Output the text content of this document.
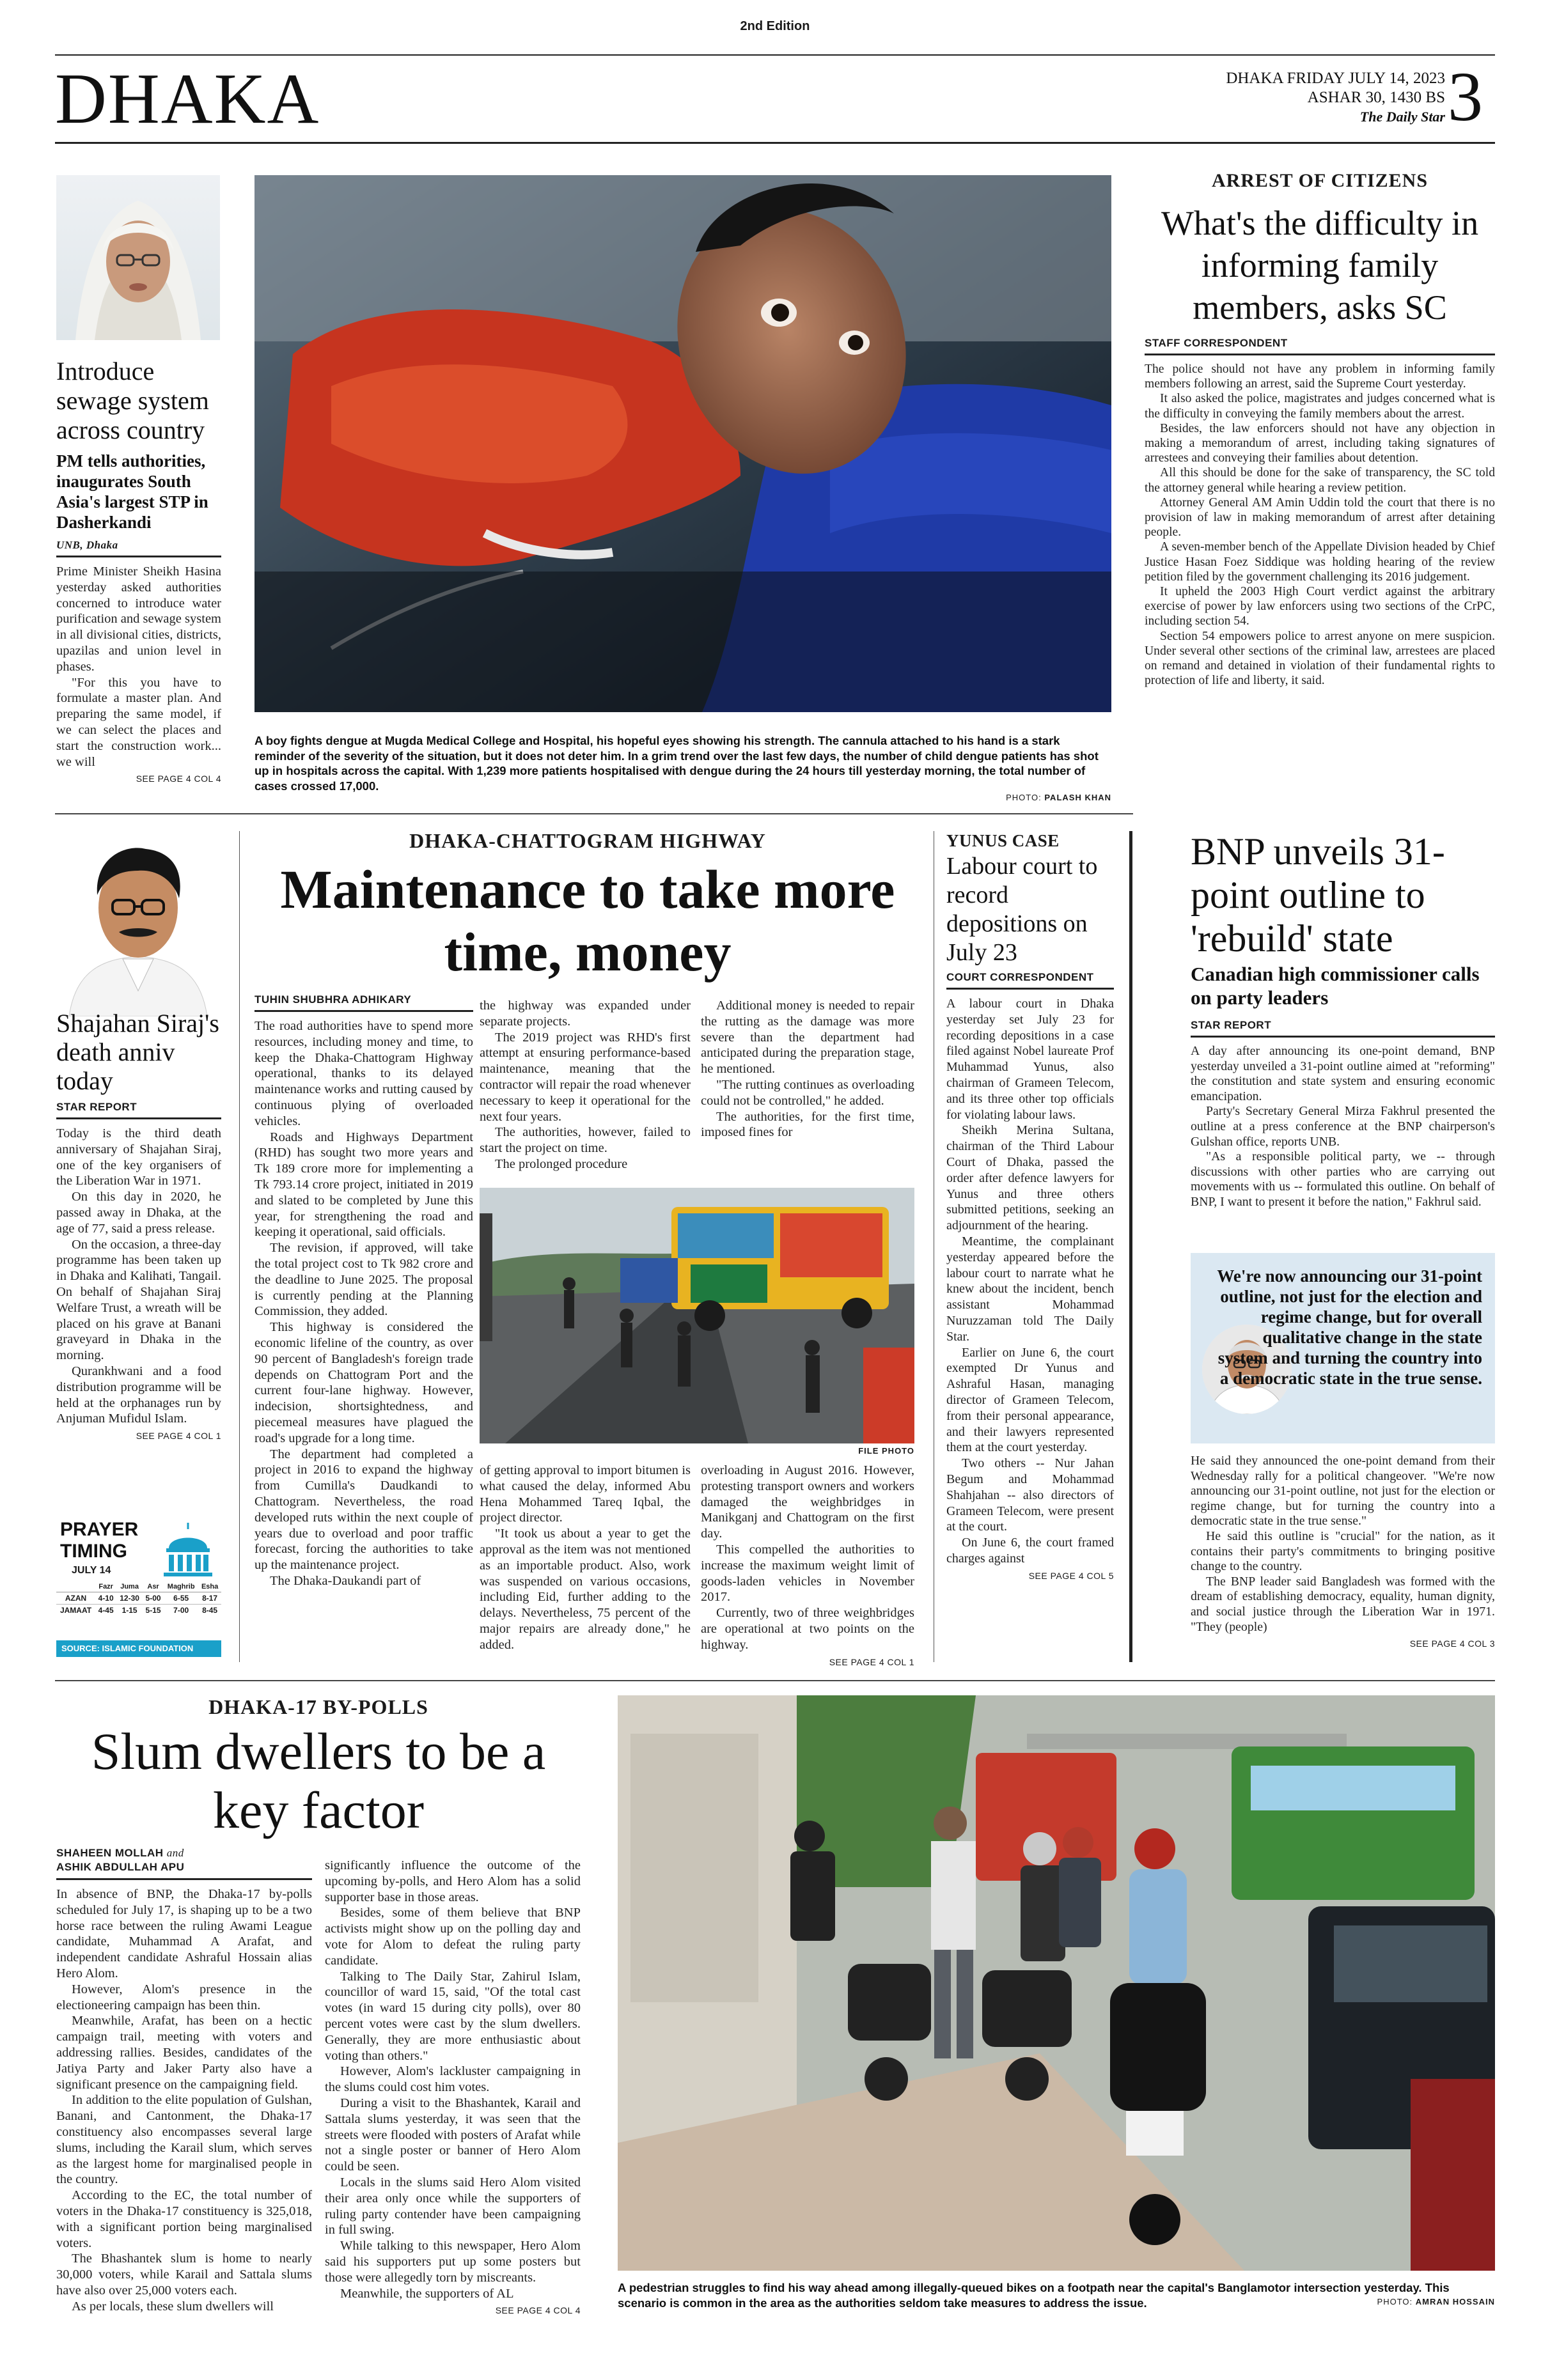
2nd Edition
DHAKA	DHAKA FRIDAY JULY 14, 2023
ASHAR 30, 1430 BS
The Daily Star 3
Introduce sewage system across country
PM tells authorities, inaugurates South Asia's largest STP in Dasherkandi
UNB, Dhaka

Prime Minister Sheikh Hasina yesterday asked authorities concerned to introduce water purification and sewage system in all divisional cities, districts, upazilas and union level in phases.

"For this you have to formulate a master plan. And preparing the same model, if we can select the places and start the construction work... we will

SEE PAGE 4 COL 4
A boy fights dengue at Mugda Medical College and Hospital, his hopeful eyes showing his strength. The cannula attached to his hand is a stark reminder of the severity of the situation, but it does not deter him. In a grim trend over the last few days, the number of child dengue patients has shot up in hospitals across the capital. With 1,239 more patients hospitalised with dengue during the 24 hours till yesterday morning, the total number of cases crossed 17,000.
PHOTO: PALASH KHAN
ARREST OF CITIZENS
What's the difficulty in informing family members, asks SC
STAFF CORRESPONDENT

The police should not have any problem in informing family members following an arrest, said the Supreme Court yesterday.

It also asked the police, magistrates and judges concerned what is the difficulty in conveying the family members about the arrest.

Besides, the law enforcers should not have any objection in making a memorandum of arrest, including taking signatures of arrestees and conveying their families about detention.

All this should be done for the sake of transparency, the SC told the attorney general while hearing a review petition.

Attorney General AM Amin Uddin told the court that there is no provision of law in making memorandum of arrest after detaining people.

A seven-member bench of the Appellate Division headed by Chief Justice Hasan Foez Siddique was holding hearing of the review petition filed by the government challenging its 2016 judgement.

It upheld the 2003 High Court verdict against the arbitrary exercise of power by law enforcers using two sections of the CrPC, including section 54.

Section 54 empowers police to arrest anyone on mere suspicion. Under several other sections of the criminal law, arrestees are placed on remand and detained in violation of their fundamental rights to protection of life and liberty, it said.

Shajahan Siraj's death anniv today
STAR REPORT

Today is the third death anniversary of Shajahan Siraj, one of the key organisers of the Liberation War in 1971.

On this day in 2020, he passed away in Dhaka, at the age of 77, said a press release.

On the occasion, a three-day programme has been taken up in Dhaka and Kalihati, Tangail. On behalf of Shajahan Siraj Welfare Trust, a wreath will be placed on his grave at Banani graveyard in Dhaka in the morning.

Qurankhwani and a food distribution programme will be held at the orphanages run by Anjuman Mufidul Islam.

SEE PAGE 4 COL 1
PRAYER
TIMING
JULY 14
	Fazr	Juma	Asr	Maghrib	Esha
AZAN	4-10	12-30	5-00	6-55	8-17
JAMAAT	4-45	1-15	5-15	7-00	8-45
SOURCE: ISLAMIC FOUNDATION
DHAKA-CHATTOGRAM HIGHWAY
Maintenance to take more time, money
TUHIN SHUBHRA ADHIKARY

The road authorities have to spend more resources, including money and time, to keep the Dhaka-Chattogram Highway operational, thanks to its delayed maintenance works and rutting caused by continuous plying of overloaded vehicles.

Roads and Highways Department (RHD) has sought two more years and Tk 189 crore more for implementing a Tk 793.14 crore project, initiated in 2019 and slated to be completed by June this year, for strengthening the road and keeping it operational, said officials.

The revision, if approved, will take the total project cost to Tk 982 crore and the deadline to June 2025. The proposal is currently pending at the Planning Commission, they added.

This highway is considered the economic lifeline of the country, as over 90 percent of Bangladesh's foreign trade depends on Chattogram Port and the current four-lane highway. However, indecision, shortsightedness, and piecemeal measures have plagued the road's upgrade for a long time.

The department had completed a project in 2016 to expand the highway from Cumilla's Daudkandi to Chattogram. Nevertheless, the road developed ruts within the next couple of years due to overload and poor traffic forecast, forcing the authorities to take up the maintenance project.

The Dhaka-Daukandi part of

the highway was expanded under separate projects.

The 2019 project was RHD's first attempt at ensuring performance-based maintenance, meaning that the contractor will repair the road whenever necessary to keep it operational for the next four years.

The authorities, however, failed to start the project on time.

The prolonged procedure

Additional money is needed to repair the rutting as the damage was more severe than the department had anticipated during the preparation stage, he mentioned.

"The rutting continues as overloading could not be controlled," he added.

The authorities, for the first time, imposed fines for

FILE PHOTO

of getting approval to import bitumen is what caused the delay, informed Abu Hena Mohammed Tareq Iqbal, the project director.

"It took us about a year to get the approval as the item was not mentioned as an importable product. Also, work was suspended on various occasions, including Eid, further adding to the delays. Nevertheless, 75 percent of the major repairs are already done," he added.

overloading in August 2016. However, protesting transport owners and workers damaged the weighbridges in Manikganj and Chattogram on the first day.

This compelled the authorities to increase the maximum weight limit of goods-laden vehicles in November 2017.

Currently, two of three weighbridges are operational at two points on the highway.

SEE PAGE 4 COL 1
YUNUS CASE
Labour court to record depositions on July 23
COURT CORRESPONDENT

A labour court in Dhaka yesterday set July 23 for recording depositions in a case filed against Nobel laureate Prof Muhammad Yunus, also chairman of Grameen Telecom, and its three other top officials for violating labour laws.

Sheikh Merina Sultana, chairman of the Third Labour Court of Dhaka, passed the order after defence lawyers for Yunus and three others submitted petitions, seeking an adjournment of the hearing.

Meantime, the complainant yesterday appeared before the labour court to narrate what he knew about the incident, bench assistant Mohammad Nuruzzaman told The Daily Star.

Earlier on June 6, the court exempted Dr Yunus and Ashraful Hasan, managing director of Grameen Telecom, from their personal appearance, and their lawyers represented them at the court yesterday.

Two others -- Nur Jahan Begum and Mohammad Shahjahan -- also directors of Grameen Telecom, were present at the court.

On June 6, the court framed charges against

SEE PAGE 4 COL 5
BNP unveils 31-point outline to 'rebuild' state
Canadian high commissioner calls on party leaders
STAR REPORT

A day after announcing its one-point demand, BNP yesterday unveiled a 31-point outline aimed at "reforming" the constitution and state system and ensuring economic emancipation.

Party's Secretary General Mirza Fakhrul presented the outline at a press conference at the BNP chairperson's Gulshan office, reports UNB.

"As a responsible political party, we -- through discussions with other parties who are carrying out movements with us -- formulated this outline. On behalf of BNP, I want to present it before the nation," Fakhrul said.

We're now announcing our 31-point outline, not just for the election and regime change, but for overall qualitative change in the state system and turning the country into a democratic state in the true sense.

He said they announced the one-point demand from their Wednesday rally for a political changeover. "We're now announcing our 31-point outline, not just for the election or regime change, but for turning the country into a democratic state in the true sense."

He said this outline is "crucial" for the nation, as it contains their party's commitments to bringing positive change to the country.

The BNP leader said Bangladesh was formed with the dream of establishing democracy, equality, human dignity, and social justice through the Liberation War in 1971. "They (people)

SEE PAGE 4 COL 3
DHAKA-17 BY-POLLS
Slum dwellers to be a key factor
SHAHEEN MOLLAH and
ASHIK ABDULLAH APU

In absence of BNP, the Dhaka-17 by-polls scheduled for July 17, is shaping up to be a two horse race between the ruling Awami League candidate, Muhammad A Arafat, and independent candidate Ashraful Hossain alias Hero Alom.

However, Alom's presence in the electioneering campaign has been thin.

Meanwhile, Arafat, has been on a hectic campaign trail, meeting with voters and addressing rallies. Besides, candidates of the Jatiya Party and Jaker Party also have a significant presence on the campaigning field.

In addition to the elite population of Gulshan, Banani, and Cantonment, the Dhaka-17 constituency also encompasses several large slums, including the Karail slum, which serves as the largest home for marginalised people in the country.

According to the EC, the total number of voters in the Dhaka-17 constituency is 325,018, with a significant portion being marginalised voters.

The Bhashantek slum is home to nearly 30,000 voters, while Karail and Sattala slums have also over 25,000 voters each.

As per locals, these slum dwellers will

significantly influence the outcome of the upcoming by-polls, and Hero Alom has a solid supporter base in those areas.

Besides, some of them believe that BNP activists might show up on the polling day and vote for Alom to defeat the ruling party candidate.

Talking to The Daily Star, Zahirul Islam, councillor of ward 15, said, "Of the total cast votes (in ward 15 during city polls), over 80 percent votes were cast by the slum dwellers. Generally, they are more enthusiastic about voting than others."

However, Alom's lackluster campaigning in the slums could cost him votes.

During a visit to the Bhashantek, Karail and Sattala slums yesterday, it was seen that the streets were flooded with posters of Arafat while not a single poster or banner of Hero Alom could be seen.

Locals in the slums said Hero Alom visited their area only once while the supporters of ruling party contender have been campaigning in full swing.

While talking to this newspaper, Hero Alom said his supporters put up some posters but those were allegedly torn by miscreants.

Meanwhile, the supporters of AL

SEE PAGE 4 COL 4
A pedestrian struggles to find his way ahead among illegally-queued bikes on a footpath near the capital's Banglamotor intersection yesterday. This scenario is common in the area as the authorities seldom take measures to address the issue.	PHOTO: AMRAN HOSSAIN
